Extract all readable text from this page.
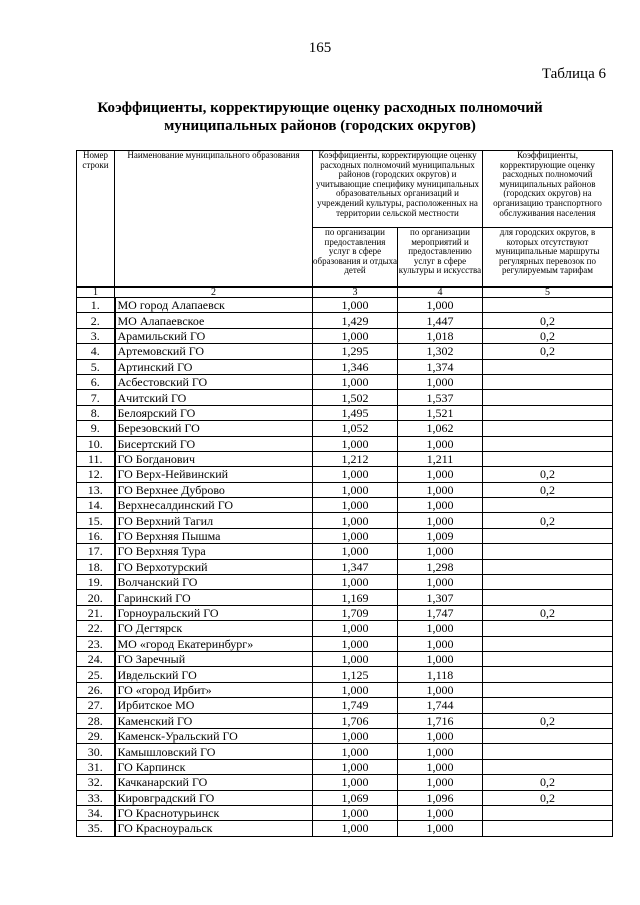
165
Таблица 6
Коэффициенты, корректирующие оценку расходных полномочий
муниципальных районов (городских округов)
Номер строки	Наименование муниципального образования	Коэффициенты, корректирующие оценку расходных полномочий муниципальных районов (городских округов) и учитывающие специфику муниципальных образовательных организаций и учреждений культуры, расположенных на территории сельской местности		Коэффициенты, корректирующие оценку расходных полномочий муниципальных районов (городских округов) на организацию транспортного обслуживания населения
		по организации предоставления услуг в сфере образования и отдыха детей	по организации мероприятий и предоставлению услуг в сфере культуры и искусства	для городских округов, в которых отсутствуют муниципальные маршруты регулярных перевозок по регулируемым тарифам
1	2	3	4	5
1.	МО город Алапаевск	1,000	1,000	
2.	МО Алапаевское	1,429	1,447	0,2
3.	Арамильский ГО	1,000	1,018	0,2
4.	Артемовский ГО	1,295	1,302	0,2
5.	Артинский ГО	1,346	1,374	
6.	Асбестовский ГО	1,000	1,000	
7.	Ачитский ГО	1,502	1,537	
8.	Белоярский ГО	1,495	1,521	
9.	Березовский ГО	1,052	1,062	
10.	Бисертский ГО	1,000	1,000	
11.	ГО Богданович	1,212	1,211	
12.	ГО Верх-Нейвинский	1,000	1,000	0,2
13.	ГО Верхнее Дуброво	1,000	1,000	0,2
14.	Верхнесалдинский ГО	1,000	1,000	
15.	ГО Верхний Тагил	1,000	1,000	0,2
16.	ГО Верхняя Пышма	1,000	1,009	
17.	ГО Верхняя Тура	1,000	1,000	
18.	ГО Верхотурский	1,347	1,298	
19.	Волчанский ГО	1,000	1,000	
20.	Гаринский ГО	1,169	1,307	
21.	Горноуральский ГО	1,709	1,747	0,2
22.	ГО Дегтярск	1,000	1,000	
23.	МО «город Екатеринбург»	1,000	1,000	
24.	ГО Заречный	1,000	1,000	
25.	Ивдельский ГО	1,125	1,118	
26.	ГО «город Ирбит»	1,000	1,000	
27.	Ирбитское МО	1,749	1,744	
28.	Каменский ГО	1,706	1,716	0,2
29.	Каменск-Уральский ГО	1,000	1,000	
30.	Камышловский ГО	1,000	1,000	
31.	ГО Карпинск	1,000	1,000	
32.	Качканарский ГО	1,000	1,000	0,2
33.	Кировградский ГО	1,069	1,096	0,2
34.	ГО Краснотурьинск	1,000	1,000	
35.	ГО Красноуральск	1,000	1,000	
